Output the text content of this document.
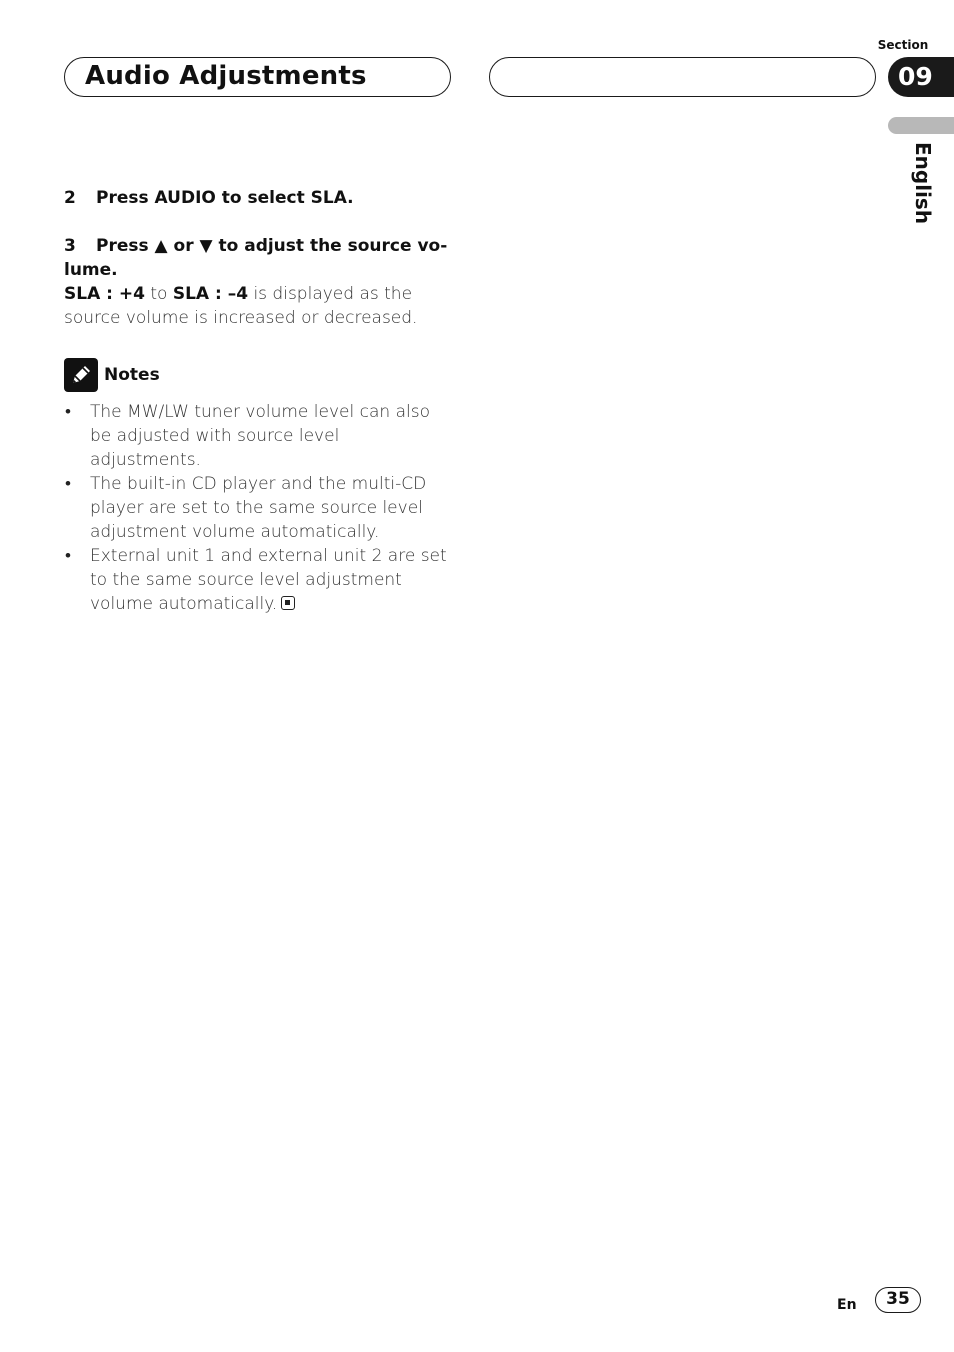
Audio Adjustments
Section
09
English
2 Press AUDIO to select SLA.
3 Press ▲ or ▼ to adjust the source vo- lume.
SLA : +4 to SLA : –4 is displayed as the source volume is increased or decreased.
Notes
• The MW/LW tuner volume level can also be adjusted with source level adjustments.
• The built-in CD player and the multi-CD player are set to the same source level adjustment volume automatically.
• External unit 1 and external unit 2 are set to the same source level adjustment volume automatically.
En	35
